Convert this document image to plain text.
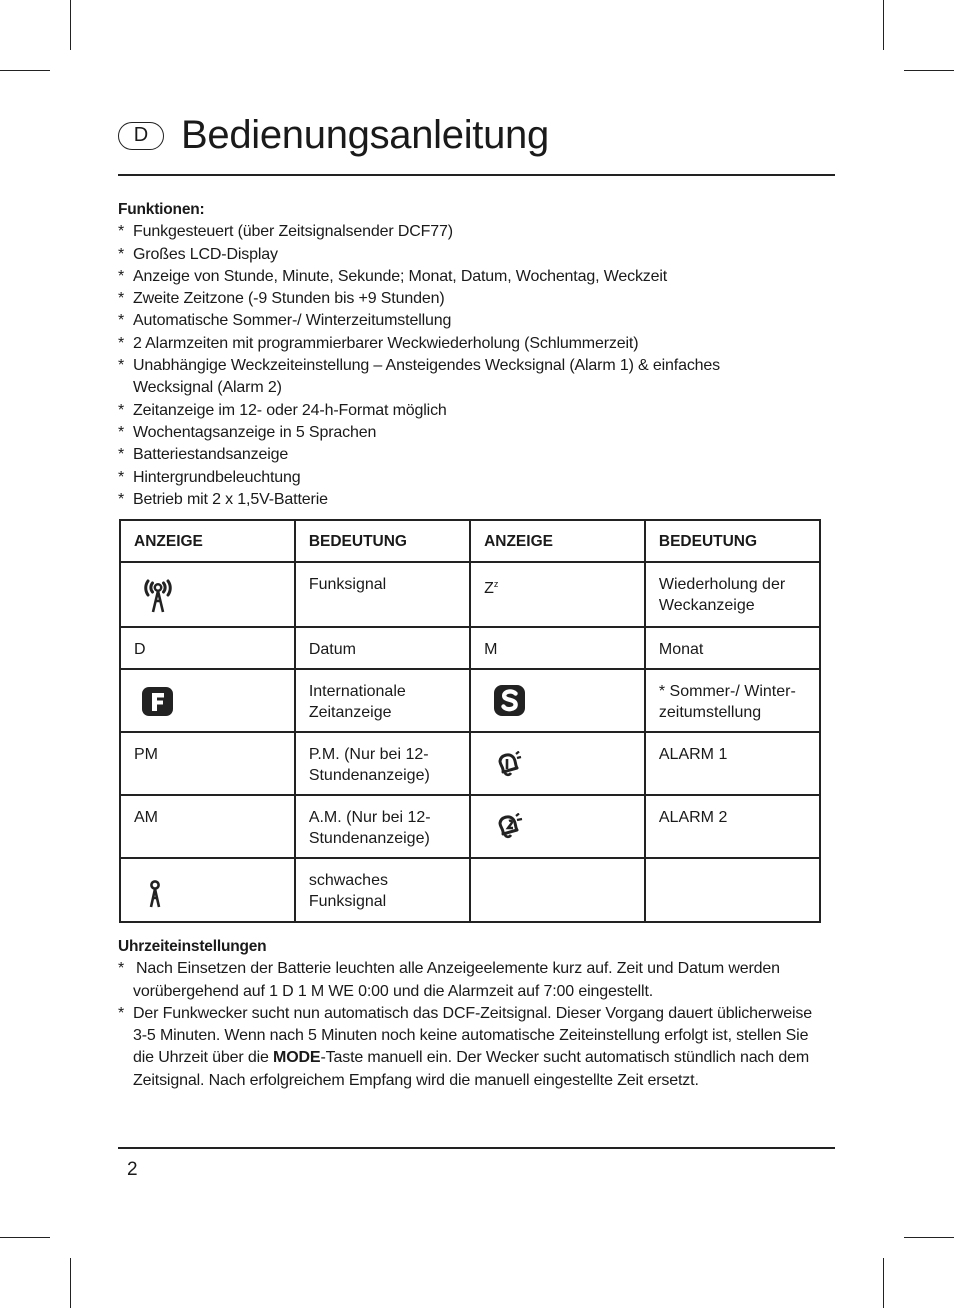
D Bedienungsanleitung
Funktionen:
* Funkgesteuert (über Zeitsignalsender DCF77)
* Großes LCD-Display
* Anzeige von Stunde, Minute, Sekunde; Monat, Datum, Wochentag, Weckzeit
* Zweite Zeitzone (-9 Stunden bis +9 Stunden)
* Automatische Sommer-/ Winterzeitumstellung
* 2 Alarmzeiten mit programmierbarer Weckwiederholung (Schlummerzeit)
* Unabhängige Weckzeiteinstellung – Ansteigendes Wecksignal (Alarm 1) & einfaches Wecksignal (Alarm 2)
* Zeitanzeige im 12- oder 24-h-Format möglich
* Wochentagsanzeige in 5 Sprachen
* Batteriestandsanzeige
* Hintergrundbeleuchtung
* Betrieb mit 2 x 1,5V-Batterie
ANZEIGE	BEDEUTUNG	ANZEIGE	BEDEUTUNG
	Funksignal	$Z^z$	Wiederholung der Weckanzeige
D	Datum	M	Monat
	Internationale Zeitanzeige		* Sommer-/ Winter-zeitumstellung
PM	P.M. (Nur bei 12-Stundenanzeige)		ALARM 1
AM	A.M. (Nur bei 12-Stundenanzeige)		ALARM 2
	schwaches Funksignal		
Uhrzeiteinstellungen
* Nach Einsetzen der Batterie leuchten alle Anzeigeelemente kurz auf. Zeit und Datum werden vorübergehend auf 1 D 1 M WE 0:00 und die Alarmzeit auf 7:00 eingestellt.
* Der Funkwecker sucht nun automatisch das DCF-Zeitsignal. Dieser Vorgang dauert üblicherweise 3-5 Minuten. Wenn nach 5 Minuten noch keine automatische Zeiteinstellung erfolgt ist, stellen Sie die Uhrzeit über die MODE-Taste manuell ein. Der Wecker sucht automatisch stündlich nach dem Zeitsignal. Nach erfolgreichem Empfang wird die manuell eingestellte Zeit ersetzt.
2
